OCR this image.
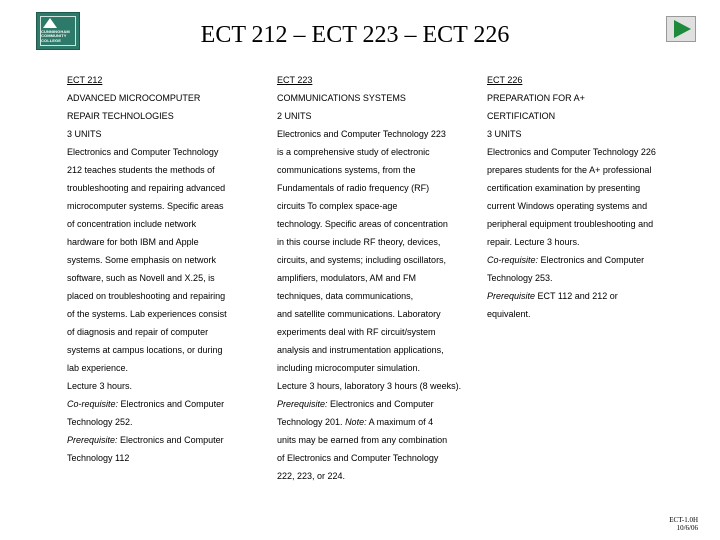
CUNNINGHAM
COMMUNITY
COLLEGE	ECT 212 – ECT 223 – ECT 226
ECT 212
ADVANCED MICROCOMPUTER
REPAIR TECHNOLOGIES
3 UNITS
Electronics and Computer Technology
212 teaches students the methods of
troubleshooting and repairing advanced
microcomputer systems. Specific areas
of concentration include network
hardware for both IBM and Apple
systems. Some emphasis on network
software, such as Novell and X.25, is
placed on troubleshooting and repairing
of the systems. Lab experiences consist
of diagnosis and repair of computer
systems at campus locations, or during
lab experience.
Lecture 3 hours.
Co-requisite: Electronics and Computer
Technology 252.
Prerequisite: Electronics and Computer
Technology 112
ECT 223
COMMUNICATIONS SYSTEMS
2 UNITS
Electronics and Computer Technology 223
is a comprehensive study of electronic
communications systems, from the
Fundamentals of radio frequency (RF)
circuits To complex space-age
technology. Specific areas of concentration
in this course include RF theory, devices,
circuits, and systems; including oscillators,
amplifiers, modulators, AM and FM
techniques, data communications,
and satellite communications. Laboratory
experiments deal with RF circuit/system
analysis and instrumentation applications,
including microcomputer simulation.
Lecture 3 hours, laboratory 3 hours (8 weeks).
Prerequisite: Electronics and Computer
Technology 201. Note: A maximum of 4
units may be earned from any combination
of Electronics and Computer Technology
222, 223, or 224.
ECT 226
PREPARATION FOR A+
CERTIFICATION
3 UNITS
Electronics and Computer Technology 226
prepares students for the A+ professional
certification examination by presenting
current Windows operating systems and
peripheral equipment troubleshooting and
repair. Lecture 3 hours.
Co-requisite: Electronics and Computer
Technology 253.
Prerequisite ECT 112 and 212 or
equivalent.
ECT-1.0H
10/6/06
